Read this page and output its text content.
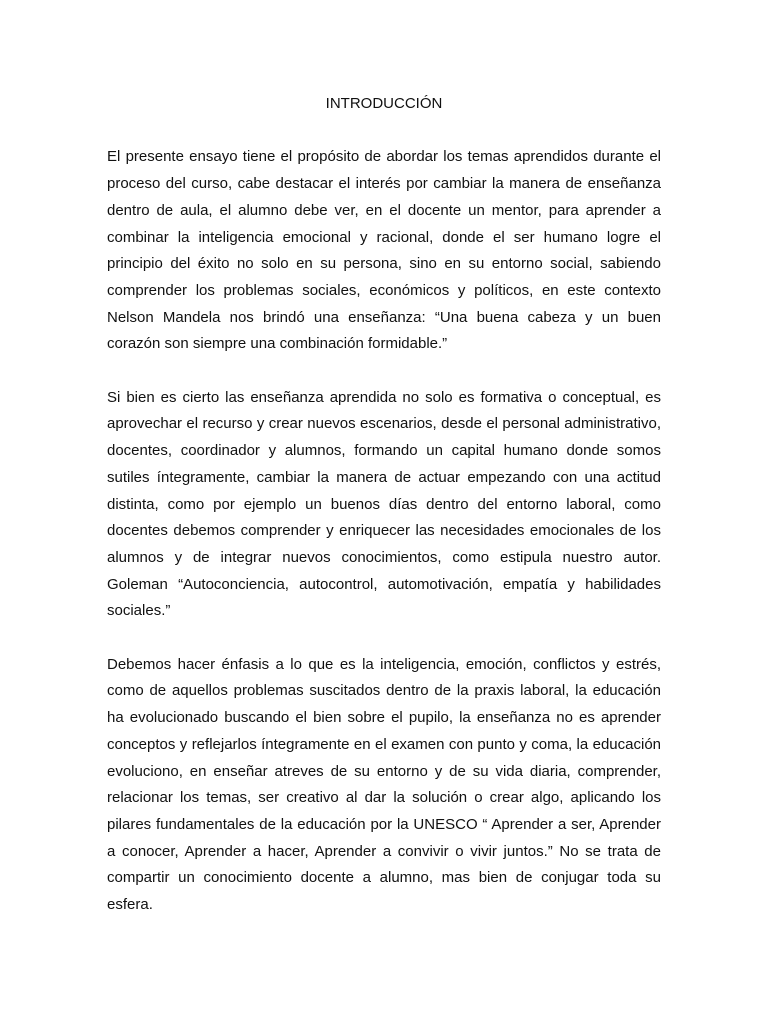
INTRODUCCIÓN

El presente ensayo tiene el propósito de abordar los temas aprendidos durante el proceso del curso, cabe destacar el interés por cambiar la manera de enseñanza dentro de aula, el alumno debe ver, en el docente un mentor, para aprender a combinar la inteligencia emocional y racional, donde el ser humano logre el principio del éxito no solo en su persona, sino en su entorno social, sabiendo comprender los problemas sociales, económicos y políticos, en este contexto Nelson Mandela nos brindó una enseñanza: “Una buena cabeza y un buen corazón son siempre una combinación formidable.”

Si bien es cierto las enseñanza aprendida no solo es formativa o conceptual, es aprovechar el recurso y crear nuevos escenarios, desde el personal administrativo, docentes, coordinador y alumnos, formando un capital humano donde somos sutiles íntegramente, cambiar la manera de actuar empezando con una actitud distinta, como por ejemplo un buenos días dentro del entorno laboral, como docentes debemos comprender y enriquecer las necesidades emocionales de los alumnos y de integrar nuevos conocimientos, como estipula nuestro autor. Goleman “Autoconciencia, autocontrol, automotivación, empatía y habilidades sociales.”

Debemos hacer énfasis a lo que es la inteligencia, emoción, conflictos y estrés, como de aquellos problemas suscitados dentro de la praxis laboral, la educación ha evolucionado buscando el bien sobre el pupilo, la enseñanza no es aprender conceptos y reflejarlos íntegramente en el examen con punto y coma, la educación evoluciono, en enseñar atreves de su entorno y de su vida diaria, comprender, relacionar los temas, ser creativo al dar la solución o crear algo, aplicando los pilares fundamentales de la educación por la UNESCO “ Aprender a ser, Aprender a conocer, Aprender a hacer, Aprender a convivir o vivir juntos.” No se trata de compartir un conocimiento docente a alumno, mas bien de conjugar toda su esfera.
